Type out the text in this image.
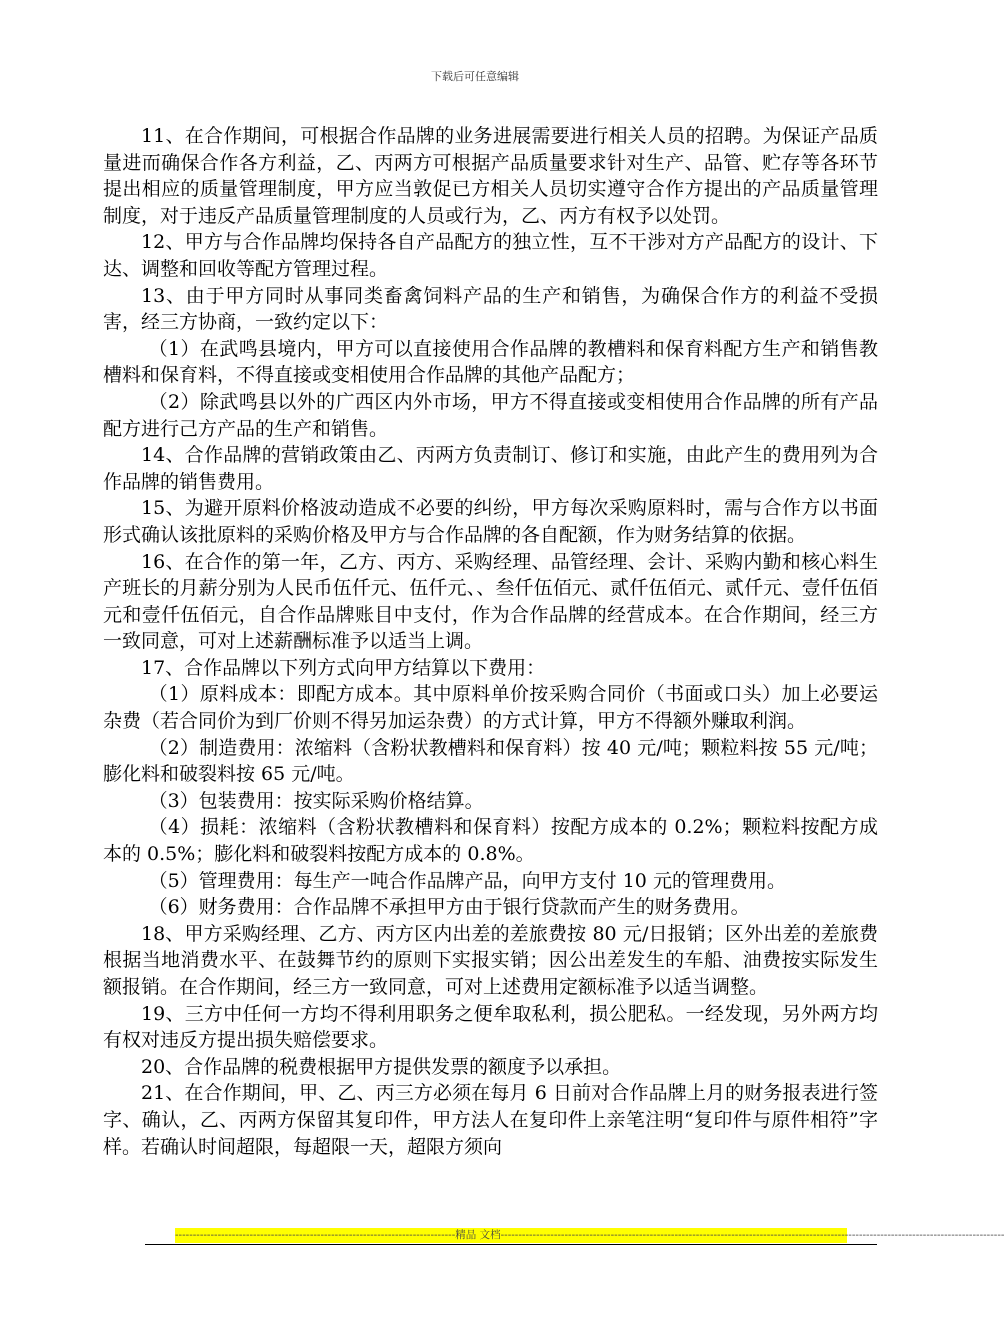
下载后可任意编辑

11、在合作期间，可根据合作品牌的业务进展需要进行相关人员的招聘。为保证产品质量进而确保合作各方利益，乙、丙两方可根据产品质量要求针对生产、品管、贮存等各环节提出相应的质量管理制度，甲方应当敦促已方相关人员切实遵守合作方提出的产品质量管理制度，对于违反产品质量管理制度的人员或行为，乙、丙方有权予以处罚。

12、甲方与合作品牌均保持各自产品配方的独立性，互不干涉对方产品配方的设计、下达、调整和回收等配方管理过程。

13、由于甲方同时从事同类畜禽饲料产品的生产和销售，为确保合作方的利益不受损害，经三方协商，一致约定以下：

（1）在武鸣县境内，甲方可以直接使用合作品牌的教槽料和保育料配方生产和销售教槽料和保育料，不得直接或变相使用合作品牌的其他产品配方；

（2）除武鸣县以外的广西区内外市场，甲方不得直接或变相使用合作品牌的所有产品配方进行己方产品的生产和销售。

14、合作品牌的营销政策由乙、丙两方负责制订、修订和实施，由此产生的费用列为合作品牌的销售费用。

15、为避开原料价格波动造成不必要的纠纷，甲方每次采购原料时，需与合作方以书面形式确认该批原料的采购价格及甲方与合作品牌的各自配额，作为财务结算的依据。

16、在合作的第一年，乙方、丙方、采购经理、品管经理、会计、采购内勤和核心料生产班长的月薪分别为人民币伍仟元、伍仟元、、叁仟伍佰元、贰仟伍佰元、贰仟元、壹仟伍佰元和壹仟伍佰元，自合作品牌账目中支付，作为合作品牌的经营成本。在合作期间，经三方一致同意，可对上述薪酬标准予以适当上调。

17、合作品牌以下列方式向甲方结算以下费用：

（1）原料成本：即配方成本。其中原料单价按采购合同价（书面或口头）加上必要运杂费（若合同价为到厂价则不得另加运杂费）的方式计算，甲方不得额外赚取利润。

（2）制造费用：浓缩料（含粉状教槽料和保育料）按 40 元/吨；颗粒料按 55 元/吨；膨化料和破裂料按 65 元/吨。

（3）包装费用：按实际采购价格结算。

（4）损耗：浓缩料（含粉状教槽料和保育料）按配方成本的 0.2%；颗粒料按配方成本的 0.5%；膨化料和破裂料按配方成本的 0.8%。

（5）管理费用：每生产一吨合作品牌产品，向甲方支付 10 元的管理费用。

（6）财务费用：合作品牌不承担甲方由于银行贷款而产生的财务费用。

18、甲方采购经理、乙方、丙方区内出差的差旅费按 80 元/日报销；区外出差的差旅费根据当地消费水平、在鼓舞节约的原则下实报实销；因公出差发生的车船、油费按实际发生额报销。在合作期间，经三方一致同意，可对上述费用定额标准予以适当调整。

19、三方中任何一方均不得利用职务之便牟取私利，损公肥私。一经发现，另外两方均有权对违反方提出损失赔偿要求。

20、合作品牌的税费根据甲方提供发票的额度予以承担。

21、在合作期间，甲、乙、丙三方必须在每月 6 日前对合作品牌上月的财务报表进行签字、确认，乙、丙两方保留其复印件，甲方法人在复印件上亲笔注明“复印件与原件相符”字样。若确认时间超限，每超限一天，超限方须向

-------------------------------------------------------------------------------精品 文档----------------------------------------------------------------------------------------------------------------------------------------------
